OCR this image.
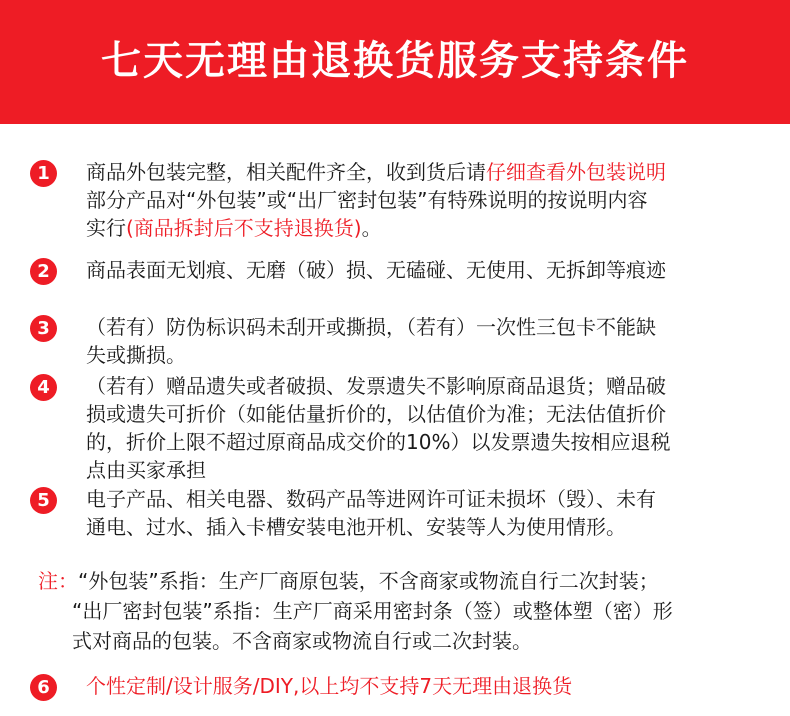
七天无理由退换货服务支持条件
1	商品外包装完整，相关配件齐全，收到货后请仔细查看外包装说明
部分产品对“外包装”或“出厂密封包装”有特殊说明的按说明内容
实行(商品拆封后不支持退换货)。
2	商品表面无划痕、无磨（破）损、无磕碰、无使用、无拆卸等痕迹
3	（若有）防伪标识码未刮开或撕损，（若有）一次性三包卡不能缺
失或撕损。
4	（若有）赠品遗失或者破损、发票遗失不影响原商品退货；赠品破
损或遗失可折价（如能估量折价的，以估值价为准；无法估值折价
的，折价上限不超过原商品成交价的10%）以发票遗失按相应退税
点由买家承担
5	电子产品、相关电器、数码产品等进网许可证未损坏（毁）、未有
通电、过水、插入卡槽安装电池开机、安装等人为使用情形。
注：“外包装”系指：生产厂商原包装，不含商家或物流自行二次封装；
“出厂密封包装”系指：生产厂商采用密封条（签）或整体塑（密）形
式对商品的包装。不含商家或物流自行或二次封装。
6	个性定制/设计服务/DIY,以上均不支持7天无理由退换货
